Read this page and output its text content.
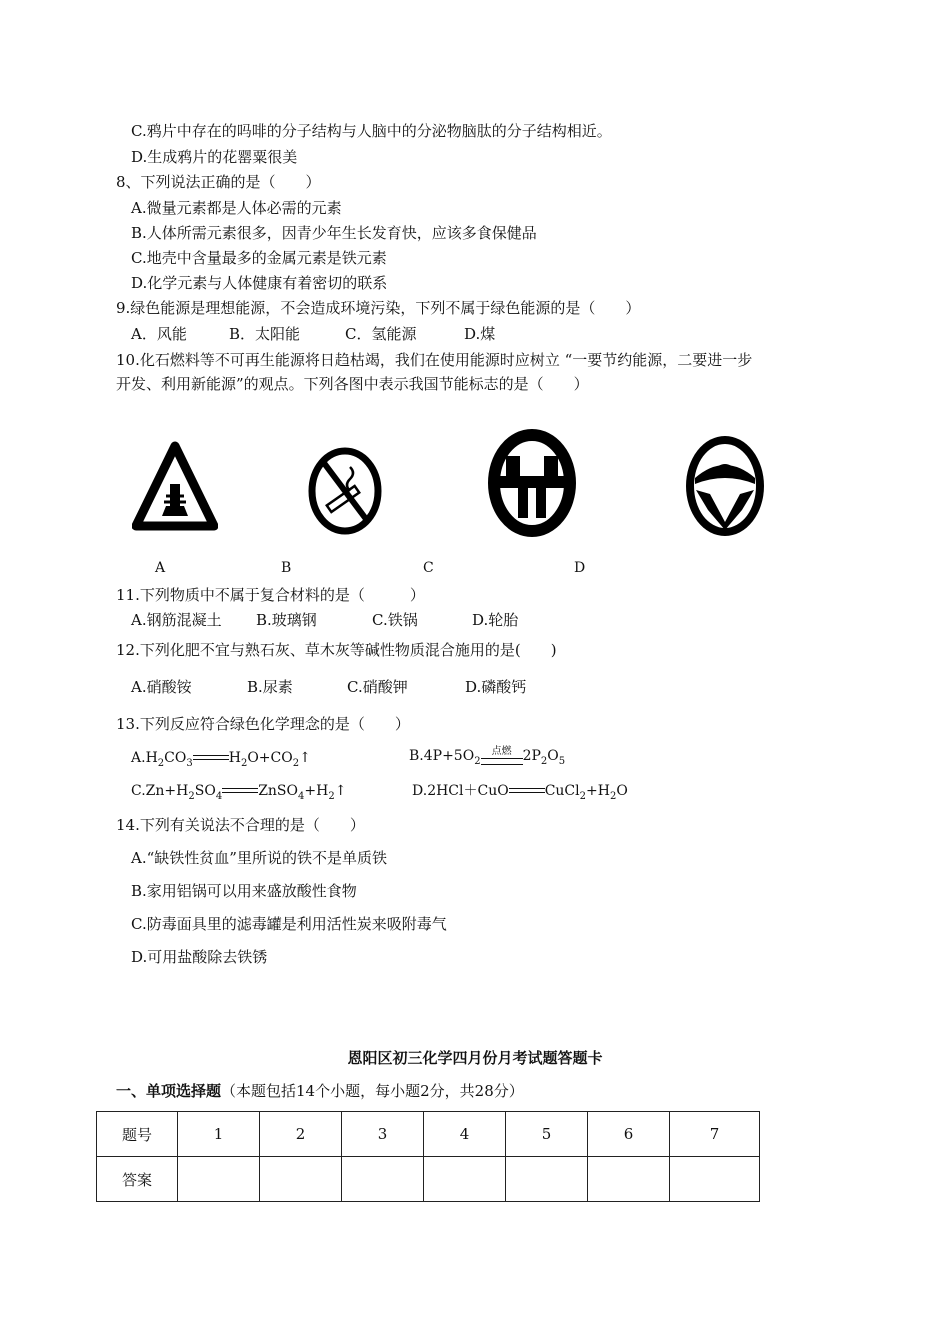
C.鸦片中存在的吗啡的分子结构与人脑中的分泌物脑肽的分子结构相近。
D.生成鸦片的花罂粟很美
8、下列说法正确的是（　　）
A.微量元素都是人体必需的元素
B.人体所需元素很多，因青少年生长发育快，应该多食保健品
C.地壳中含量最多的金属元素是铁元素
D.化学元素与人体健康有着密切的联系
9.绿色能源是理想能源，不会造成环境污染，下列不属于绿色能源的是（　　）
A．风能	B．太阳能	C．氢能源	D.煤
10.化石燃料等不可再生能源将日趋枯竭，我们在使用能源时应树立 “一要节约能源，二要进一步
开发、利用新能源”的观点。下列各图中表示我国节能标志的是（　　）
A	B	C	D
11.下列物质中不属于复合材料的是（　　　）
A.钢筋混凝土 B.玻璃钢	C.铁锅	D.轮胎
12.下列化肥不宜与熟石灰、草木灰等碱性物质混合施用的是(　　)
A.硝酸铵	B.尿素	C.硝酸钾	D.磷酸钙
13.下列反应符合绿色化学理念的是（　　）
$A.H_2CO_3$	$H_2O+CO_2↑$	$B.4P+5O_2$
点燃 $2P_2O_5$
$C.Zn+H_2SO_4$	$ZnSO_4+H_2↑$	D.2HCl＋CuO	$CuCl_2+H_2O$
14.下列有关说法不合理的是（　　）
A.“缺铁性贫血”里所说的铁不是单质铁
B.家用铝锅可以用来盛放酸性食物
C.防毒面具里的滤毒罐是利用活性炭来吸附毒气
D.可用盐酸除去铁锈
恩阳区初三化学四月份月考试题答题卡
一、单项选择题（本题包括14个小题，每小题2分，共28分）
题号	1	2	3	4	5	6	7
答案							
